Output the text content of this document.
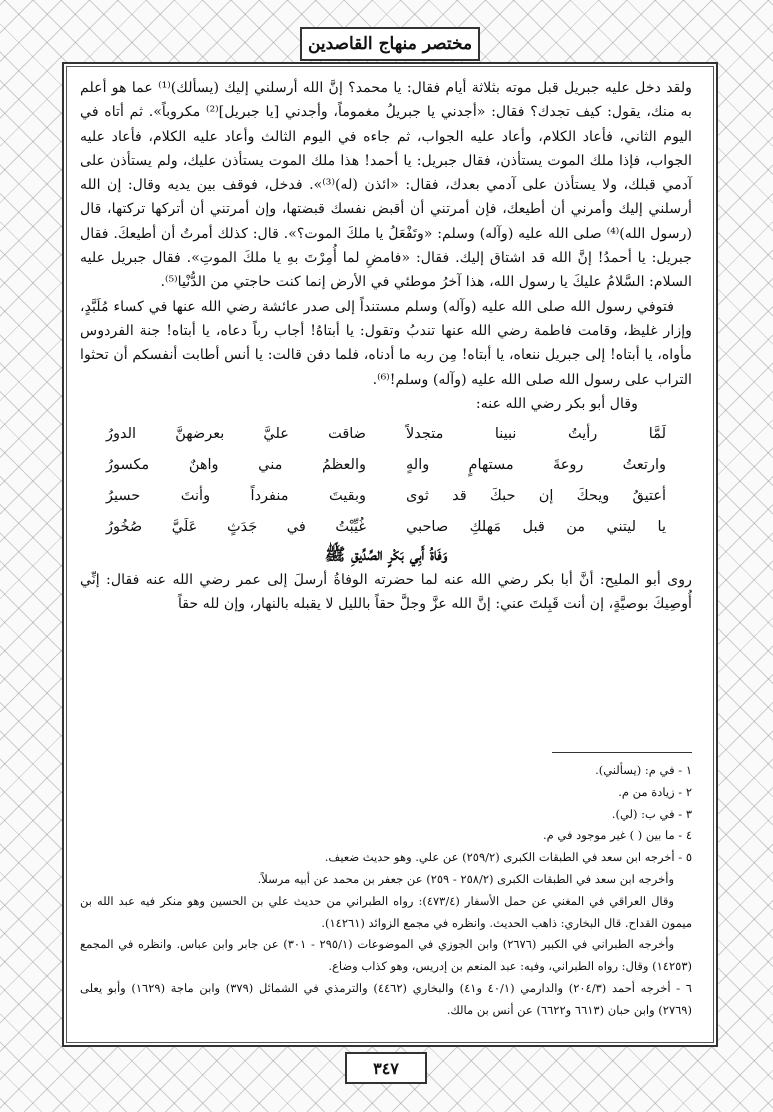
مختصر منهاج القاصدين

ولقد دخل عليه جبريل قبل موته بثلاثة أيام فقال: يا محمد؟ إنَّ الله أرسلني إليك (يسألك)⁽¹⁾ عما هو أعلم به منك، يقول: كيف تجدك؟ فقال: «أجدني يا جبريلُ مغموماً، وأجدني [يا جبريل]⁽²⁾ مكروباً». ثم أتاه في اليوم الثاني، فأعاد الكلام، وأعاد عليه الجواب، ثم جاءه في اليوم الثالث وأعاد عليه الكلام، فأعاد عليه الجواب، فإذا ملك الموت يستأذن، فقال جبريل: يا أحمد! هذا ملك الموت يستأذن عليك، ولم يستأذن على آدمي قبلك، ولا يستأذن على آدمي بعدك، فقال: «ائذن (له)⁽³⁾». فدخل، فوقف بين يديه وقال: إن الله أرسلني إليك وأمرني أن أطيعك، فإن أمرتني أن أقبض نفسك قبضتها، وإن أمرتني أن أتركها تركتها، قال (رسول الله)⁽⁴⁾ صلى الله عليه (وآله) وسلم: «وتَفْعَلُ يا ملكَ الموت؟». قال: كذلك أمرتُ أن أطيعكَ. فقال جبريل: يا أحمدُ! إنَّ الله قد اشتاق إليك. فقال: «فامضِ لما أُمِرْتَ بهِ يا ملكَ الموتِ». فقال جبريل عليه السلام: السَّلامُ عليكَ يا رسول الله، هذا آخرُ موطئي في الأرض إنما كنت حاجتي من الدُّنْيا⁽⁵⁾.

فتوفي رسول الله صلى الله عليه (وآله) وسلم مستنداً إلى صدر عائشة رضي الله عنها في كساء مُلَبَّدٍ، وإزار غليظ، وقامت فاطمة رضي الله عنها تندبُ وتقول: يا أبتاهُ! أجاب رباً دعاه، يا أبتاه! جنة الفردوس مأواه، يا أبتاه! إلى جبريل ننعاه، يا أبتاه! مِن ربه ما أدناه، فلما دفن قالت: يا أنس أطابت أنفسكم أن تحثوا التراب على رسول الله صلى الله عليه (وآله) وسلم!⁽⁶⁾.

وقال أبو بكر رضي الله عنه:

لَمَّا رأيتُ نبينا متجدلاً
ضاقت عليَّ بعرضهنَّ الدورُ
وارتعتُ روعةَ مستهامٍ والهٍ
والعظمُ مني واهنٌ مكسورُ
أعتيقُ ويحكَ إن حبكَ قد ثوى
وبقيتَ منفرداً وأنتَ حسيرُ
يا ليتني من قبل مَهلكِ صاحبي
غُيِّبْتُ في جَدَثٍ عَلَيَّ صُخُورُ

وَفَاةُ أَبِي بَكْرٍ الصِّدِّيقِ ﷺ

روى أبو المليح: أنَّ أبا بكر رضي الله عنه لما حضرته الوفاةُ أرسلَ إلى عمر رضي الله عنه فقال: إنِّي أُوصِيكَ بوصيَّةٍ، إن أنت قَبِلتَ عني: إنَّ الله عزَّ وجلَّ حقاً بالليل لا يقبله بالنهار، وإن لله حقاً

١ - في م: (يسألني).

٢ - زيادة من م.

٣ - في ب: (لي).

٤ - ما بين ( ) غير موجود في م.

٥ - أخرجه ابن سعد في الطبقات الكبرى (٢٥٩/٢) عن علي. وهو حديث ضعيف.

وأخرجه ابن سعد في الطبقات الكبرى (٢٥٨/٢ - ٢٥٩) عن جعفر بن محمد عن أبيه مرسلاً.

وقال العراقي في المغني عن حمل الأسفار (٤٧٣/٤): رواه الطبراني من حديث علي بن الحسين وهو منكر فيه عبد الله بن ميمون القداح. قال البخاري: ذاهب الحديث. وانظره في مجمع الزوائد (١٤٢٦١).

وأخرجه الطبراني في الكبير (٢٦٧٦) وابن الجوزي في الموضوعات (٢٩٥/١ - ٣٠١) عن جابر وابن عباس. وانظره في المجمع (١٤٢٥٣) وقال: رواه الطبراني، وفيه: عبد المنعم بن إدريس، وهو كذاب وضاع.

٦ - أخرجه أحمد (٢٠٤/٣) والدارمي (٤٠/١ و٤١) والبخاري (٤٤٦٢) والترمذي في الشمائل (٣٧٩) وابن ماجة (١٦٢٩) وأبو يعلى (٢٧٦٩) وابن حبان (٦٦١٣ و٦٦٢٢) عن أنس بن مالك.

٣٤٧
